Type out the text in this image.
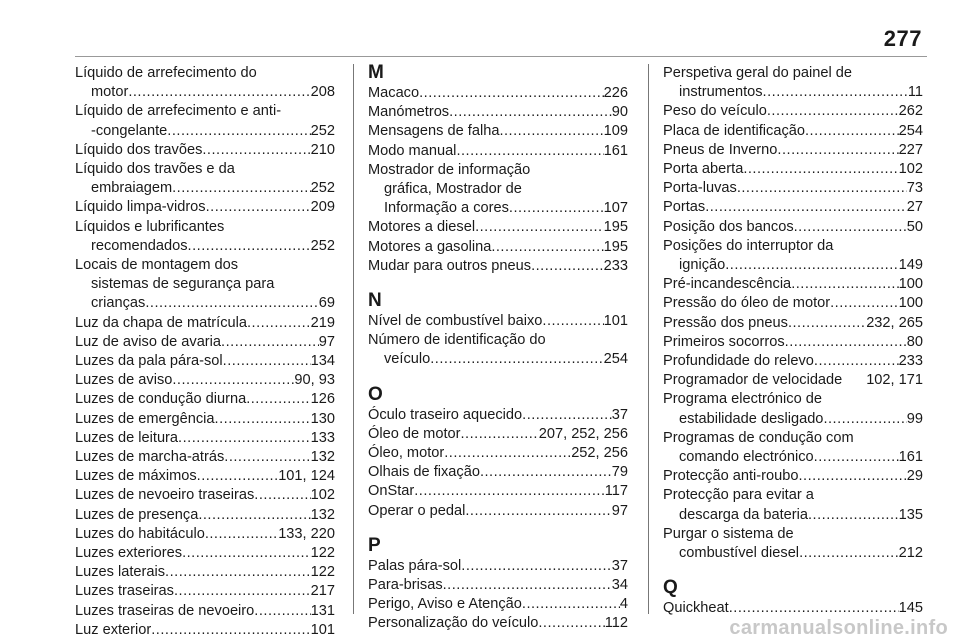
277
Líquido de arrefecimento do
motor .....	208
Líquido de arrefecimento e anti-
-congelante .....	252
Líquido dos travões .....	210
Líquido dos travões e da
embraiagem .....	252
Líquido limpa-vidros .....	209
Líquidos e lubrificantes
recomendados .....	252
Locais de montagem dos
sistemas de segurança para
crianças .....	69
Luz da chapa de matrícula .....	219
Luz de aviso de avaria .....	97
Luzes da pala pára-sol .....	134
Luzes de aviso .....	90, 93
Luzes de condução diurna .....	126
Luzes de emergência .....	130
Luzes de leitura .....	133
Luzes de marcha-atrás .....	132
Luzes de máximos .....	101, 124
Luzes de nevoeiro traseiras .....	102
Luzes de presença .....	132
Luzes do habitáculo .....	133, 220
Luzes exteriores .....	122
Luzes laterais .....	122
Luzes traseiras .....	217
Luzes traseiras de nevoeiro .....	131
Luz exterior .....	101
M
Macaco .....	226
Manómetros .....	90
Mensagens de falha .....	109
Modo manual .....	161
Mostrador de informação
gráfica, Mostrador de
Informação a cores .....	107
Motores a diesel .....	195
Motores a gasolina .....	195
Mudar para outros pneus .....	233
N
Nível de combustível baixo .....	101
Número de identificação do
veículo .....	254
O
Óculo traseiro aquecido .....	37
Óleo de motor .....	207, 252, 256
Óleo, motor .....	252, 256
Olhais de fixação .....	79
OnStar .....	117
Operar o pedal .....	97
P
Palas pára-sol .....	37
Para-brisas .....	34
Perigo, Aviso e Atenção .....	4
Personalização do veículo .....	112
Perspetiva geral do painel de
instrumentos .....	11
Peso do veículo .....	262
Placa de identificação .....	254
Pneus de Inverno .....	227
Porta aberta .....	102
Porta-luvas .....	73
Portas .....	27
Posição dos bancos .....	50
Posições do interruptor da
ignição .....	149
Pré-incandescência .....	100
Pressão do óleo de motor .....	100
Pressão dos pneus .....	232, 265
Primeiros socorros .....	80
Profundidade do relevo .....	233
Programador de velocidade 102, 171
Programa electrónico de
estabilidade desligado .....	99
Programas de condução com
comando electrónico .....	161
Protecção anti-roubo .....	29
Protecção para evitar a
descarga da bateria .....	135
Purgar o sistema de
combustível diesel .....	212
Q
Quickheat .....	145
carmanualsonline.info
